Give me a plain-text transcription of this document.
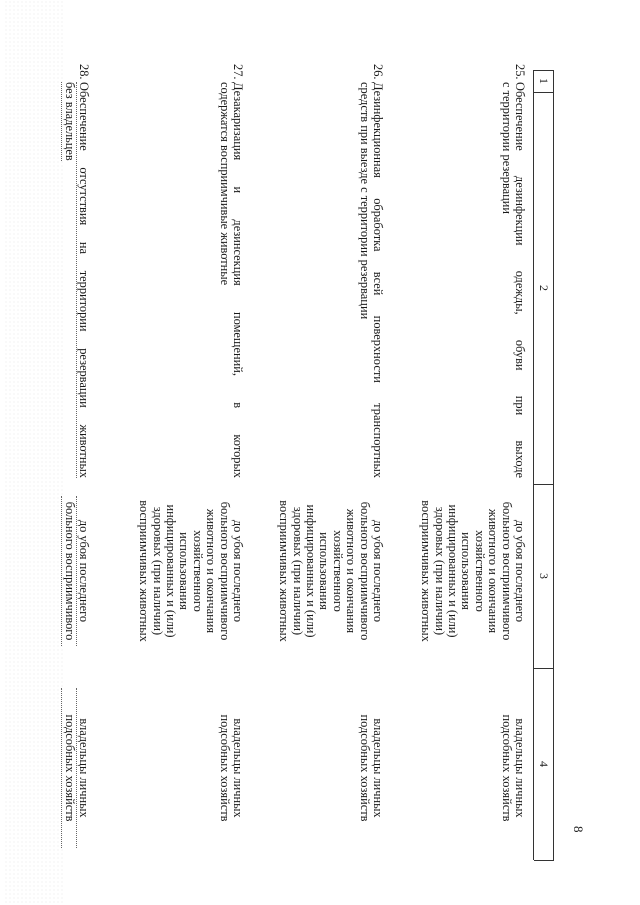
8
1
2
3
4
25.
Обеспечение дезинфекции одежды, обуви при выходе
с территории резервации
до убоя последнего
больного восприимчивого
животного и окончания
хозяйственного
использования
инфицированных и (или)
здоровых (при наличии)
восприимчивых животных
владельцы личных
подсобных хозяйств
26.
Дезинфекционная обработка всей поверхности транспортных
средств при выезде с территории резервации
до убоя последнего
больного восприимчивого
животного и окончания
хозяйственного
использования
инфицированных и (или)
здоровых (при наличии)
восприимчивых животных
владельцы личных
подсобных хозяйств
27.
Дезакаризация и дезинсекция помещений, в которых
содержатся восприимчивые животные
до убоя последнего
больного восприимчивого
животного и окончания
хозяйственного
использования
инфицированных и (или)
здоровых (при наличии)
восприимчивых животных
владельцы личных
подсобных хозяйств
28.
Обеспечение отсутствия на территории резервации животных
без владельцев
до убоя последнего
больного восприимчивого
владельцы личных
подсобных хозяйств
